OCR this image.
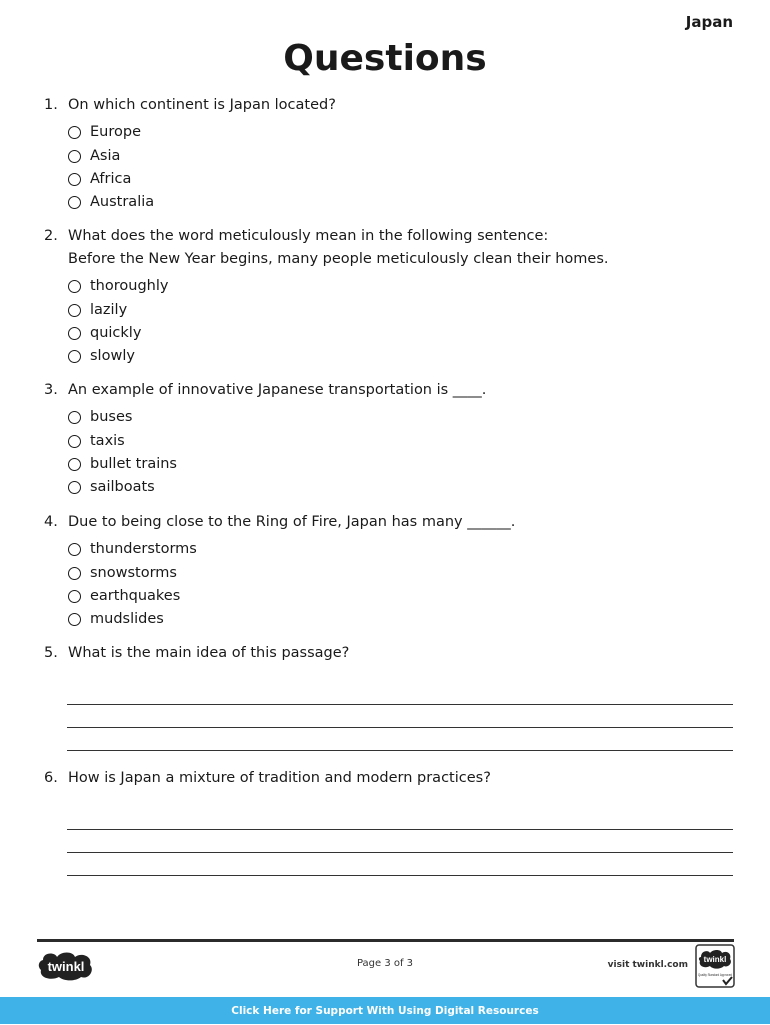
Japan
Questions
1. On which continent is Japan located?
Europe
Asia
Africa
Australia
2. What does the word meticulously mean in the following sentence:
Before the New Year begins, many people meticulously clean their homes.
thoroughly
lazily
quickly
slowly
3. An example of innovative Japanese transportation is ____.
buses
taxis
bullet trains
sailboats
4. Due to being close to the Ring of Fire, Japan has many ______.
thunderstorms
snowstorms
earthquakes
mudslides
5. What is the main idea of this passage?
6. How is Japan a mixture of tradition and modern practices?
twinkl	Page 3 of 3	visit twinkl.com
twinkl
Quality Standard Approved
Click Here for Support With Using Digital Resources
